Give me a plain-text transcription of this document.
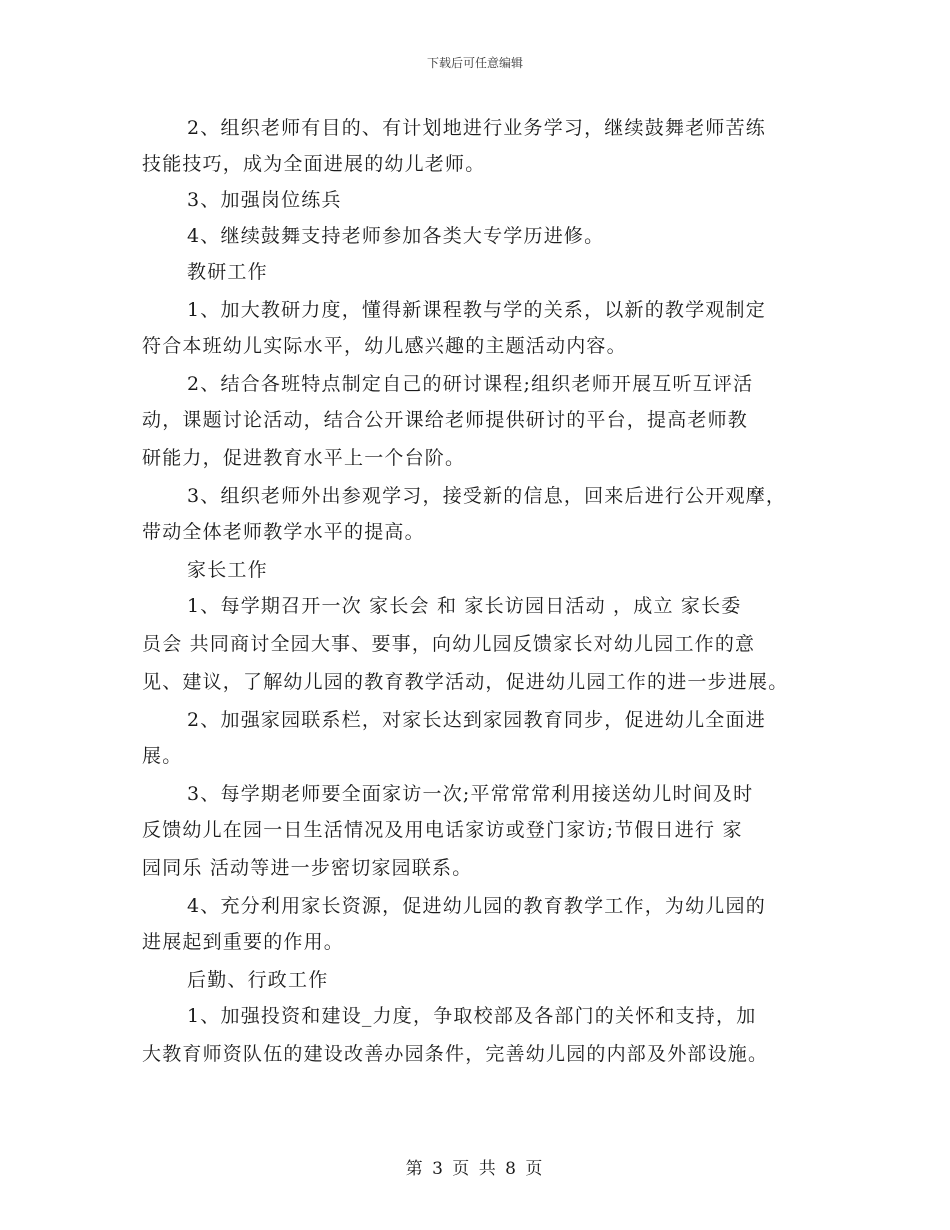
下载后可任意编辑
2、组织老师有目的、有计划地进行业务学习，继续鼓舞老师苦练
技能技巧，成为全面进展的幼儿老师。
3、加强岗位练兵
4、继续鼓舞支持老师参加各类大专学历进修。
教研工作
1、加大教研力度，懂得新课程教与学的关系，以新的教学观制定
符合本班幼儿实际水平，幼儿感兴趣的主题活动内容。
2、结合各班特点制定自己的研讨课程;组织老师开展互听互评活
动，课题讨论活动，结合公开课给老师提供研讨的平台，提高老师教
研能力，促进教育水平上一个台阶。
3、组织老师外出参观学习，接受新的信息，回来后进行公开观摩，
带动全体老师教学水平的提高。
家长工作
1、每学期召开一次 家长会 和 家长访园日活动 ，成立 家长委
员会 共同商讨全园大事、要事，向幼儿园反馈家长对幼儿园工作的意
见、建议，了解幼儿园的教育教学活动，促进幼儿园工作的进一步进展。
2、加强家园联系栏，对家长达到家园教育同步，促进幼儿全面进
展。
3、每学期老师要全面家访一次;平常常常利用接送幼儿时间及时
反馈幼儿在园一日生活情况及用电话家访或登门家访;节假日进行 家
园同乐 活动等进一步密切家园联系。
4、充分利用家长资源，促进幼儿园的教育教学工作，为幼儿园的
进展起到重要的作用。
后勤、行政工作
1、加强投资和建设_力度，争取校部及各部门的关怀和支持，加
大教育师资队伍的建设改善办园条件，完善幼儿园的内部及外部设施。
第 3 页 共 8 页
